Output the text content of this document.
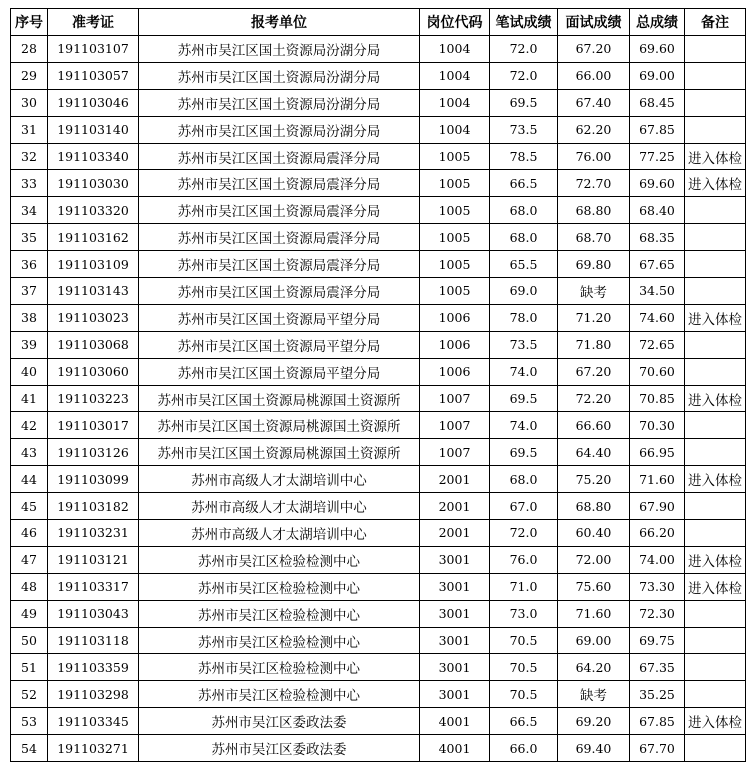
序号	准考证	报考单位	岗位代码	笔试成绩	面试成绩	总成绩	备注
28	191103107	苏州市吴江区国土资源局汾湖分局	1004	72.0	67.20	69.60	
29	191103057	苏州市吴江区国土资源局汾湖分局	1004	72.0	66.00	69.00	
30	191103046	苏州市吴江区国土资源局汾湖分局	1004	69.5	67.40	68.45	
31	191103140	苏州市吴江区国土资源局汾湖分局	1004	73.5	62.20	67.85	
32	191103340	苏州市吴江区国土资源局震泽分局	1005	78.5	76.00	77.25	进入体检
33	191103030	苏州市吴江区国土资源局震泽分局	1005	66.5	72.70	69.60	进入体检
34	191103320	苏州市吴江区国土资源局震泽分局	1005	68.0	68.80	68.40	
35	191103162	苏州市吴江区国土资源局震泽分局	1005	68.0	68.70	68.35	
36	191103109	苏州市吴江区国土资源局震泽分局	1005	65.5	69.80	67.65	
37	191103143	苏州市吴江区国土资源局震泽分局	1005	69.0	缺考	34.50	
38	191103023	苏州市吴江区国土资源局平望分局	1006	78.0	71.20	74.60	进入体检
39	191103068	苏州市吴江区国土资源局平望分局	1006	73.5	71.80	72.65	
40	191103060	苏州市吴江区国土资源局平望分局	1006	74.0	67.20	70.60	
41	191103223	苏州市吴江区国土资源局桃源国土资源所	1007	69.5	72.20	70.85	进入体检
42	191103017	苏州市吴江区国土资源局桃源国土资源所	1007	74.0	66.60	70.30	
43	191103126	苏州市吴江区国土资源局桃源国土资源所	1007	69.5	64.40	66.95	
44	191103099	苏州市高级人才太湖培训中心	2001	68.0	75.20	71.60	进入体检
45	191103182	苏州市高级人才太湖培训中心	2001	67.0	68.80	67.90	
46	191103231	苏州市高级人才太湖培训中心	2001	72.0	60.40	66.20	
47	191103121	苏州市吴江区检验检测中心	3001	76.0	72.00	74.00	进入体检
48	191103317	苏州市吴江区检验检测中心	3001	71.0	75.60	73.30	进入体检
49	191103043	苏州市吴江区检验检测中心	3001	73.0	71.60	72.30	
50	191103118	苏州市吴江区检验检测中心	3001	70.5	69.00	69.75	
51	191103359	苏州市吴江区检验检测中心	3001	70.5	64.20	67.35	
52	191103298	苏州市吴江区检验检测中心	3001	70.5	缺考	35.25	
53	191103345	苏州市吴江区委政法委	4001	66.5	69.20	67.85	进入体检
54	191103271	苏州市吴江区委政法委	4001	66.0	69.40	67.70	
